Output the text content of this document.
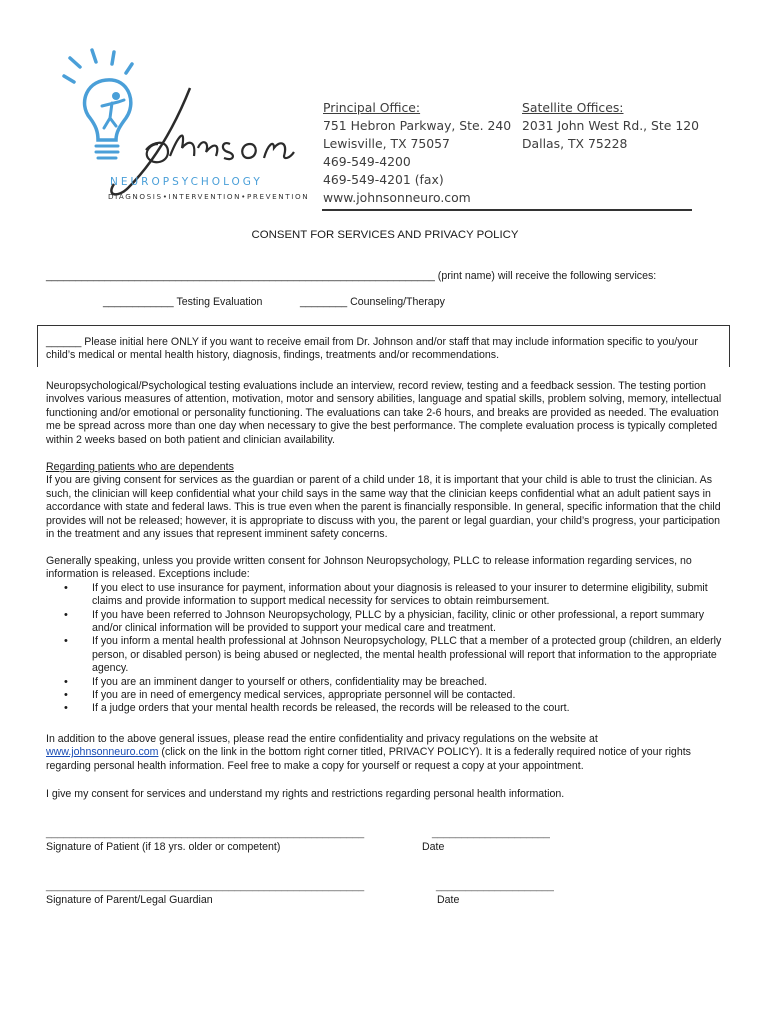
NEUROPSYCHOLOGY
DIAGNOSIS•INTERVENTION•PREVENTION
Principal Office:
751 Hebron Parkway, Ste. 240
Lewisville, TX 75057
469-549-4200
469-549-4201 (fax)
www.johnsonneuro.com
Satellite Offices:
2031 John West Rd., Ste 120
Dallas, TX 75228
CONSENT FOR SERVICES AND PRIVACY POLICY
__________________________________________________________________ (print name) will receive the following services:
____________ Testing Evaluation	________ Counseling/Therapy
______ Please initial here ONLY if you want to receive email from Dr. Johnson and/or staff that may include information specific to you/your child’s medical or mental health history, diagnosis, findings, treatments and/or recommendations.

Neuropsychological/Psychological testing evaluations include an interview, record review, testing and a feedback session. The testing portion involves various measures of attention, motivation, motor and sensory abilities, language and spatial skills, problem solving, memory, intellectual functioning and/or emotional or personality functioning. The evaluations can take 2-6 hours, and breaks are provided as needed. The evaluation me be spread across more than one day when necessary to give the best performance. The complete evaluation process is typically completed within 2 weeks based on both patient and clinician availability.

Regarding patients who are dependents

If you are giving consent for services as the guardian or parent of a child under 18, it is important that your child is able to trust the clinician. As such, the clinician will keep confidential what your child says in the same way that the clinician keeps confidential what an adult patient says in accordance with state and federal laws. This is true even when the parent is financially responsible. In general, specific information that the child provides will not be released; however, it is appropriate to discuss with you, the parent or legal guardian, your child’s progress, your participation in the treatment and any issues that represent imminent safety concerns.

Generally speaking, unless you provide written consent for Johnson Neuropsychology, PLLC to release information regarding services, no information is released. Exceptions include:

• If you elect to use insurance for payment, information about your diagnosis is released to your insurer to determine eligibility, submit claims and provide information to support medical necessity for services to obtain reimbursement.
• If you have been referred to Johnson Neuropsychology, PLLC by a physician, facility, clinic or other professional, a report summary and/or clinical information will be provided to support your medical care and treatment.
• If you inform a mental health professional at Johnson Neuropsychology, PLLC that a member of a protected group (children, an elderly person, or disabled person) is being abused or neglected, the mental health professional will report that information to the appropriate agency.
• If you are an imminent danger to yourself or others, confidentiality may be breached.
• If you are in need of emergency medical services, appropriate personnel will be contacted.
• If a judge orders that your mental health records be released, the records will be released to the court.

In addition to the above general issues, please read the entire confidentiality and privacy regulations on the website at
www.johnsonneuro.com (click on the link in the bottom right corner titled, PRIVACY POLICY). It is a federally required notice of your rights regarding personal health information. Feel free to make a copy for yourself or request a copy at your appointment.

I give my consent for services and understand my rights and restrictions regarding personal health information.

______________________________________________________
Signature of Patient (if 18 yrs. older or competent)
____________________
Date
______________________________________________________
Signature of Parent/Legal Guardian
____________________
Date
